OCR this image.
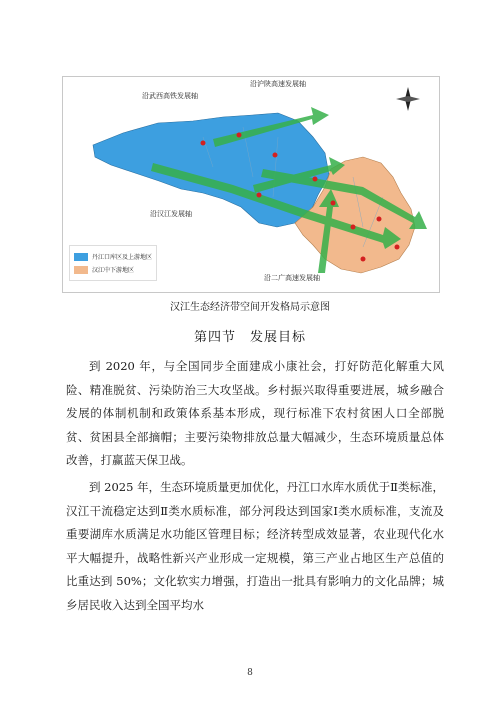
沿武西高铁发展轴
沿沪陕高速发展轴
沿汉江发展轴
沿二广高速发展轴
丹江口库区及上游地区
汉江中下游地区
汉江生态经济带空间开发格局示意图
第四节　发展目标

到 2020 年，与全国同步全面建成小康社会，打好防范化解重大风险、精准脱贫、污染防治三大攻坚战。乡村振兴取得重要进展，城乡融合发展的体制机制和政策体系基本形成，现行标准下农村贫困人口全部脱贫、贫困县全部摘帽；主要污染物排放总量大幅减少，生态环境质量总体改善，打赢蓝天保卫战。

到 2025 年，生态环境质量更加优化，丹江口水库水质优于Ⅱ类标准，汉江干流稳定达到Ⅱ类水质标准，部分河段达到国家Ⅰ类水质标准，支流及重要湖库水质满足水功能区管理目标；经济转型成效显著，农业现代化水平大幅提升，战略性新兴产业形成一定规模，第三产业占地区生产总值的比重达到 50%；文化软实力增强，打造出一批具有影响力的文化品牌；城乡居民收入达到全国平均水

8
